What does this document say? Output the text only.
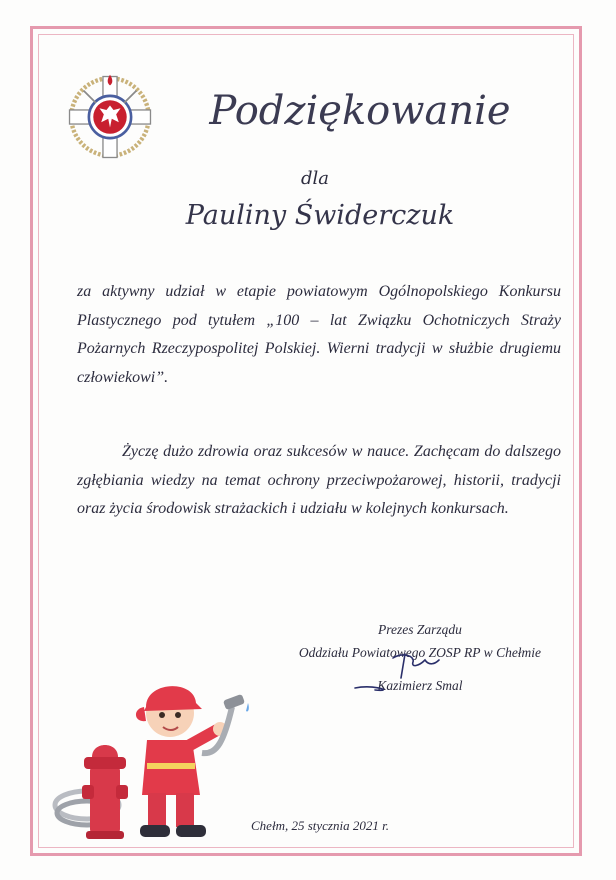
Podziękowanie
dla
Pauliny Świderczuk
za aktywny udział w etapie powiatowym Ogólnopolskiego Konkursu Plastycznego pod tytułem „100 – lat Związku Ochotniczych Straży Pożarnych Rzeczypospolitej Polskiej. Wierni tradycji w służbie drugiemu człowiekowi”.
Życzę dużo zdrowia oraz sukcesów w nauce. Zachęcam do dalszego zgłębiania wiedzy na temat ochrony przeciwpożarowej, historii, tradycji oraz życia środowisk strażackich i udziału w kolejnych konkursach.
Prezes Zarządu
Oddziału Powiatowego ZOSP RP w Chełmie
Kazimierz Smal
Chełm, 25 stycznia 2021 r.
